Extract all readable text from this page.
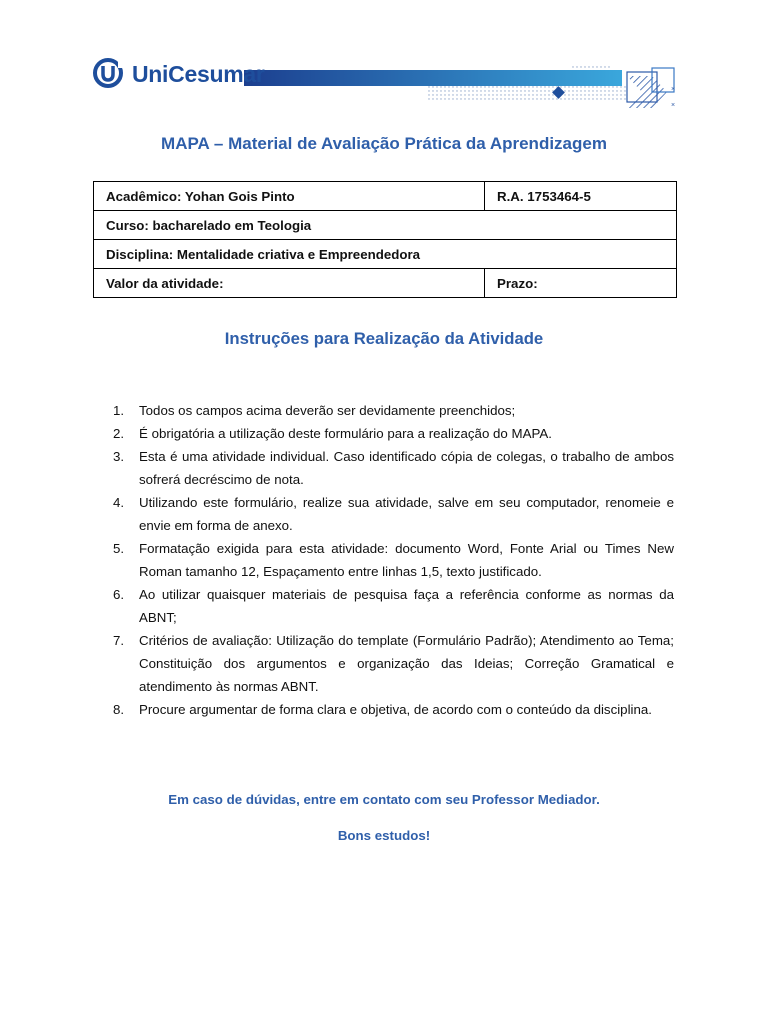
×
×
UniCesumar
MAPA – Material de Avaliação Prática da Aprendizagem
Acadêmico: Yohan Gois Pinto	R.A. 1753464-5
Curso: bacharelado em Teologia	
Disciplina: Mentalidade criativa e Empreendedora	
Valor da atividade:	Prazo:
Instruções para Realização da Atividade
1. Todos os campos acima deverão ser devidamente preenchidos;
2. É obrigatória a utilização deste formulário para a realização do MAPA.
3. Esta é uma atividade individual. Caso identificado cópia de colegas, o trabalho de ambos sofrerá decréscimo de nota.
4. Utilizando este formulário, realize sua atividade, salve em seu computador, renomeie e envie em forma de anexo.
5. Formatação exigida para esta atividade: documento Word, Fonte Arial ou Times New Roman tamanho 12, Espaçamento entre linhas 1,5, texto justificado.
6. Ao utilizar quaisquer materiais de pesquisa faça a referência conforme as normas da ABNT;
7. Critérios de avaliação: Utilização do template (Formulário Padrão); Atendimento ao Tema; Constituição dos argumentos e organização das Ideias; Correção Gramatical e atendimento às normas ABNT.
8. Procure argumentar de forma clara e objetiva, de acordo com o conteúdo da disciplina.
Em caso de dúvidas, entre em contato com seu Professor Mediador.
Bons estudos!
